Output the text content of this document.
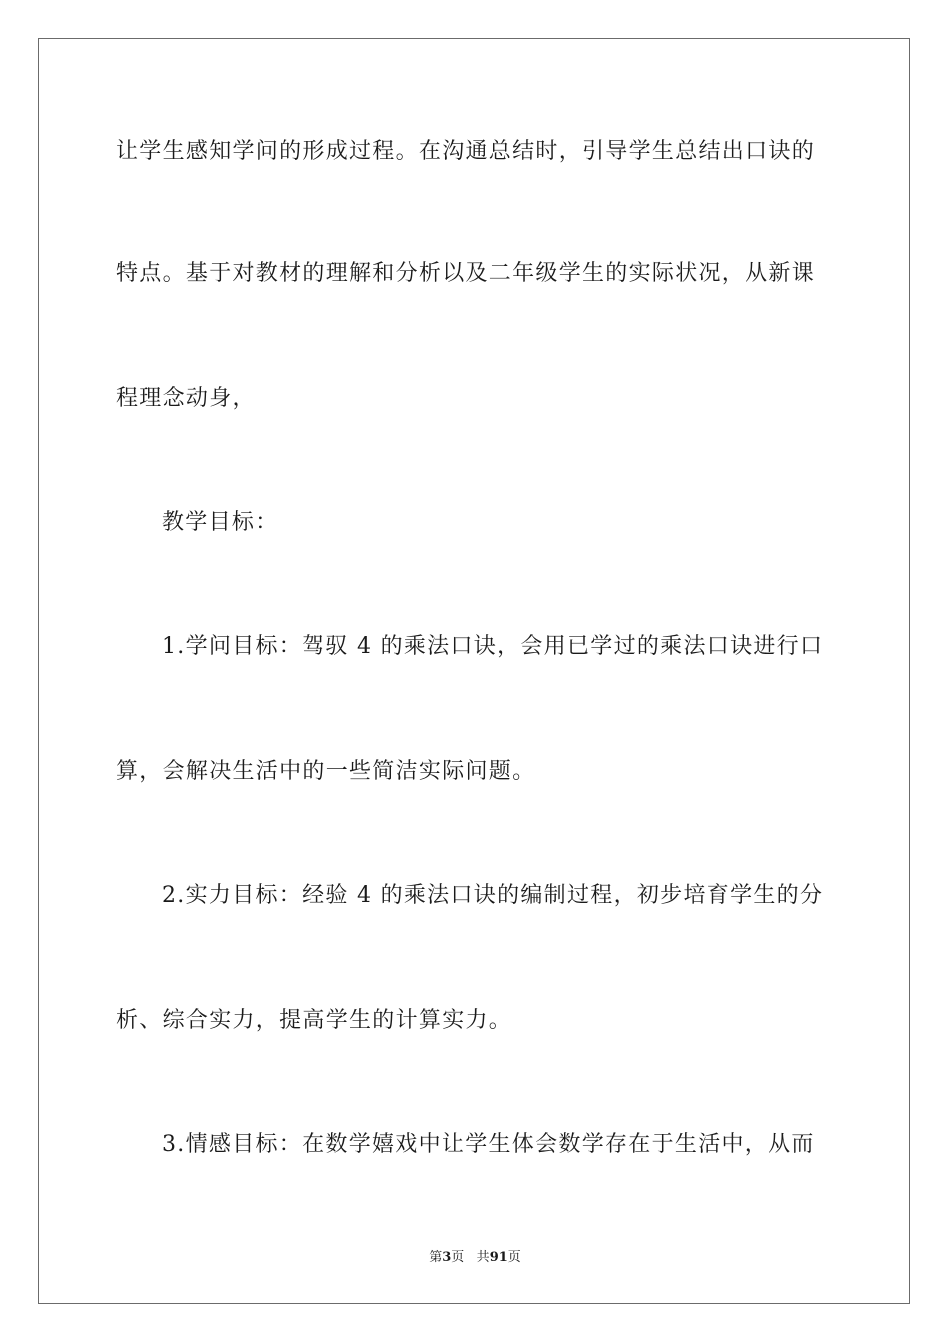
让学生感知学问的形成过程。在沟通总结时，引导学生总结出口诀的
特点。基于对教材的理解和分析以及二年级学生的实际状况，从新课
程理念动身，
教学目标：
1.学问目标：驾驭 4 的乘法口诀，会用已学过的乘法口诀进行口
算，会解决生活中的一些简洁实际问题。
2.实力目标：经验 4 的乘法口诀的编制过程，初步培育学生的分
析、综合实力，提高学生的计算实力。
3.情感目标：在数学嬉戏中让学生体会数学存在于生活中，从而
第3页 共91页
